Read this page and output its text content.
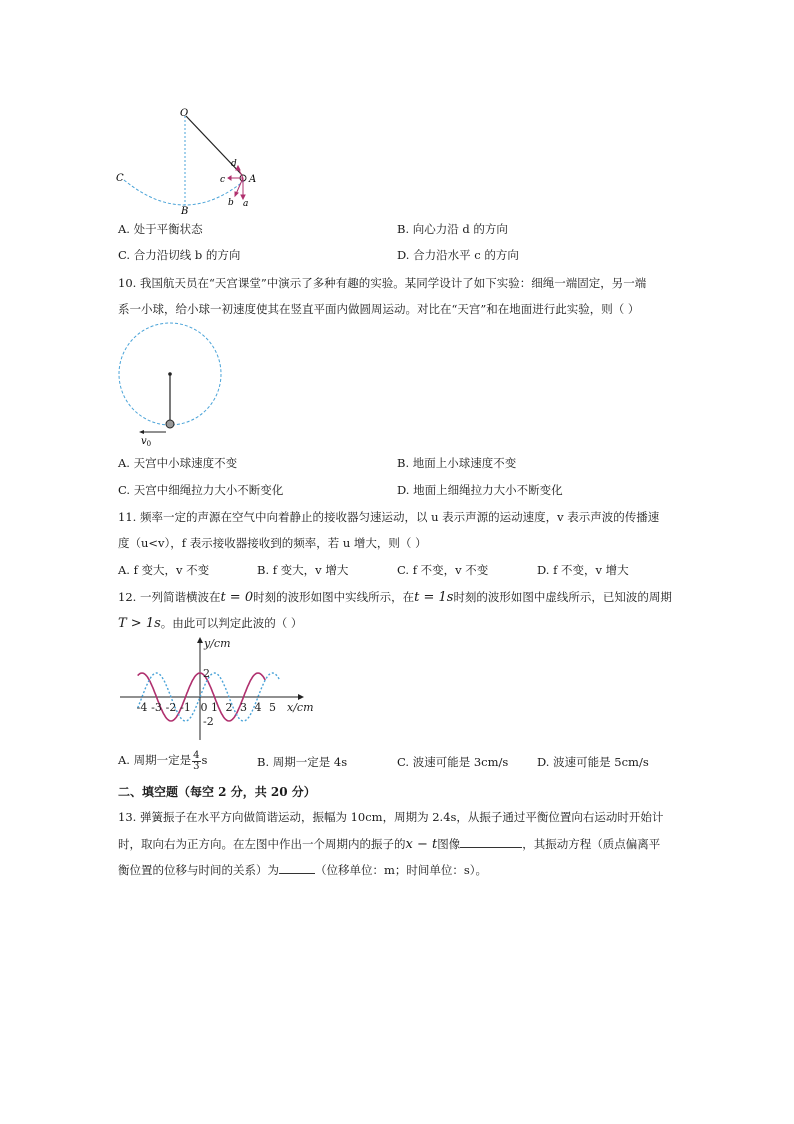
O
C
B
A
d
c
b a
A. 处于平衡状态	B. 向心力沿 d 的方向
C. 合力沿切线 b 的方向	D. 合力沿水平 c 的方向
10. 我国航天员在“天宫课堂”中演示了多种有趣的实验。某同学设计了如下实验：细绳一端固定，另一端
系一小球，给小球一初速度使其在竖直平面内做圆周运动。对比在“天宫”和在地面进行此实验，则（ ）
$v_0$
A. 天宫中小球速度不变	B. 地面上小球速度不变
C. 天宫中细绳拉力大小不断变化	D. 地面上细绳拉力大小不断变化
11. 频率一定的声源在空气中向着静止的接收器匀速运动，以 u 表示声源的运动速度，v 表示声波的传播速
度（u<v），f 表示接收器接收到的频率，若 u 增大，则（ ）
A. f 变大，v 不变	B. f 变大，v 增大	C. f 不变，v 不变	D. f 不变，v 增大
12. 一列简谐横波在t = 0时刻的波形如图中实线所示，在t = 1s时刻的波形如图中虚线所示，已知波的周期
T > 1s。由此可以判定此波的（ ）
-4 -3 -2 -1 0 1 2 3 4 5
2
-2
y/cm
x/cm
A. 周期一定是 $\frac{4}{3}$ s	B. 周期一定是 4s	C. 波速可能是 3cm/s D. 波速可能是 5cm/s
二、填空题（每空 2 分，共 20 分）
13. 弹簧振子在水平方向做简谐运动，振幅为 10cm，周期为 2.4s，从振子通过平衡位置向右运动时开始计
时，取向右为正方向。在左图中作出一个周期内的振子的x − t图像	，其振动方程（质点偏离平
衡位置的位移与时间的关系）为	（位移单位：m；时间单位：s）。
